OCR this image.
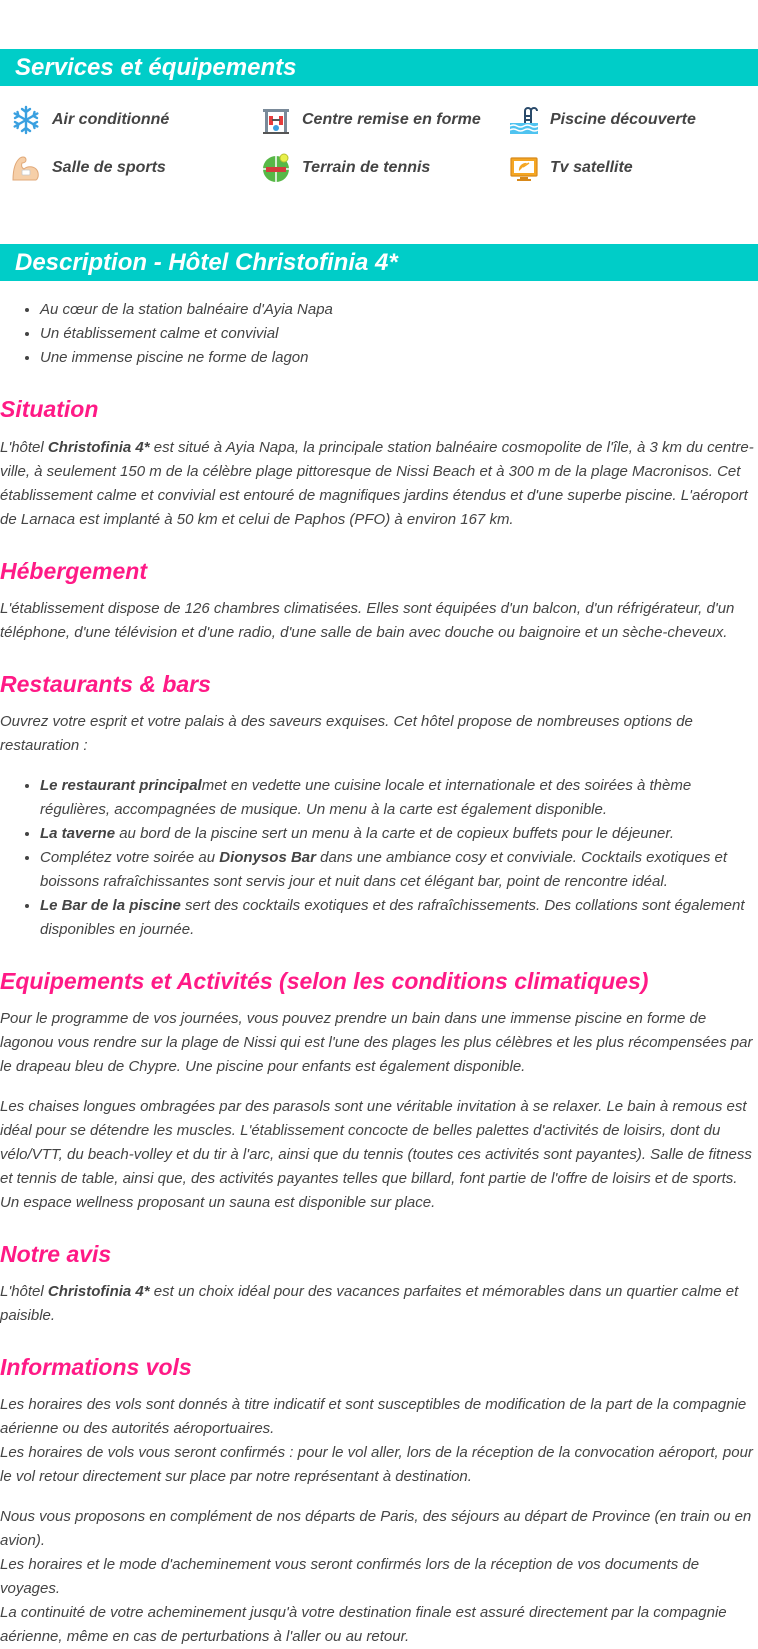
Services et équipements
Air conditionné	Centre remise en forme	Piscine découverte
Salle de sports	Terrain de tennis	Tv satellite
Description - Hôtel Christofinia 4*
• Au cœur de la station balnéaire d'Ayia Napa
• Un établissement calme et convivial
• Une immense piscine ne forme de lagon
Situation

L'hôtel Christofinia 4* est situé à Ayia Napa, la principale station balnéaire cosmopolite de l'île, à 3 km du centre-ville, à seulement 150 m de la célèbre plage pittoresque de Nissi Beach et à 300 m de la plage Macronisos. Cet établissement calme et convivial est entouré de magnifiques jardins étendus et d'une superbe piscine. L'aéroport de Larnaca est implanté à 50 km et celui de Paphos (PFO) à environ 167 km.

Hébergement

L'établissement dispose de 126 chambres climatisées. Elles sont équipées d'un balcon, d'un réfrigérateur, d'un téléphone, d'une télévision et d'une radio, d'une salle de bain avec douche ou baignoire et un sèche-cheveux.

Restaurants & bars

Ouvrez votre esprit et votre palais à des saveurs exquises. Cet hôtel propose de nombreuses options de restauration :

• Le restaurant principalmet en vedette une cuisine locale et internationale et des soirées à thème régulières, accompagnées de musique. Un menu à la carte est également disponible.
• La taverne au bord de la piscine sert un menu à la carte et de copieux buffets pour le déjeuner.
• Complétez votre soirée au Dionysos Bar dans une ambiance cosy et conviviale. Cocktails exotiques et boissons rafraîchissantes sont servis jour et nuit dans cet élégant bar, point de rencontre idéal.
• Le Bar de la piscine sert des cocktails exotiques et des rafraîchissements. Des collations sont également disponibles en journée.
Equipements et Activités (selon les conditions climatiques)

Pour le programme de vos journées, vous pouvez prendre un bain dans une immense piscine en forme de lagonou vous rendre sur la plage de Nissi qui est l'une des plages les plus célèbres et les plus récompensées par le drapeau bleu de Chypre. Une piscine pour enfants est également disponible.

Les chaises longues ombragées par des parasols sont une véritable invitation à se relaxer. Le bain à remous est idéal pour se détendre les muscles. L'établissement concocte de belles palettes d'activités de loisirs, dont du vélo/VTT, du beach-volley et du tir à l'arc, ainsi que du tennis (toutes ces activités sont payantes). Salle de fitness et tennis de table, ainsi que, des activités payantes telles que billard, font partie de l'offre de loisirs et de sports. Un espace wellness proposant un sauna est disponible sur place.

Notre avis

L'hôtel Christofinia 4* est un choix idéal pour des vacances parfaites et mémorables dans un quartier calme et paisible.

Informations vols

Les horaires des vols sont donnés à titre indicatif et sont susceptibles de modification de la part de la compagnie aérienne ou des autorités aéroportuaires.

Les horaires de vols vous seront confirmés : pour le vol aller, lors de la réception de la convocation aéroport, pour le vol retour directement sur place par notre représentant à destination.

Nous vous proposons en complément de nos départs de Paris, des séjours au départ de Province (en train ou en avion).

Les horaires et le mode d'acheminement vous seront confirmés lors de la réception de vos documents de voyages.

La continuité de votre acheminement jusqu'à votre destination finale est assuré directement par la compagnie aérienne, même en cas de perturbations à l'aller ou au retour.
